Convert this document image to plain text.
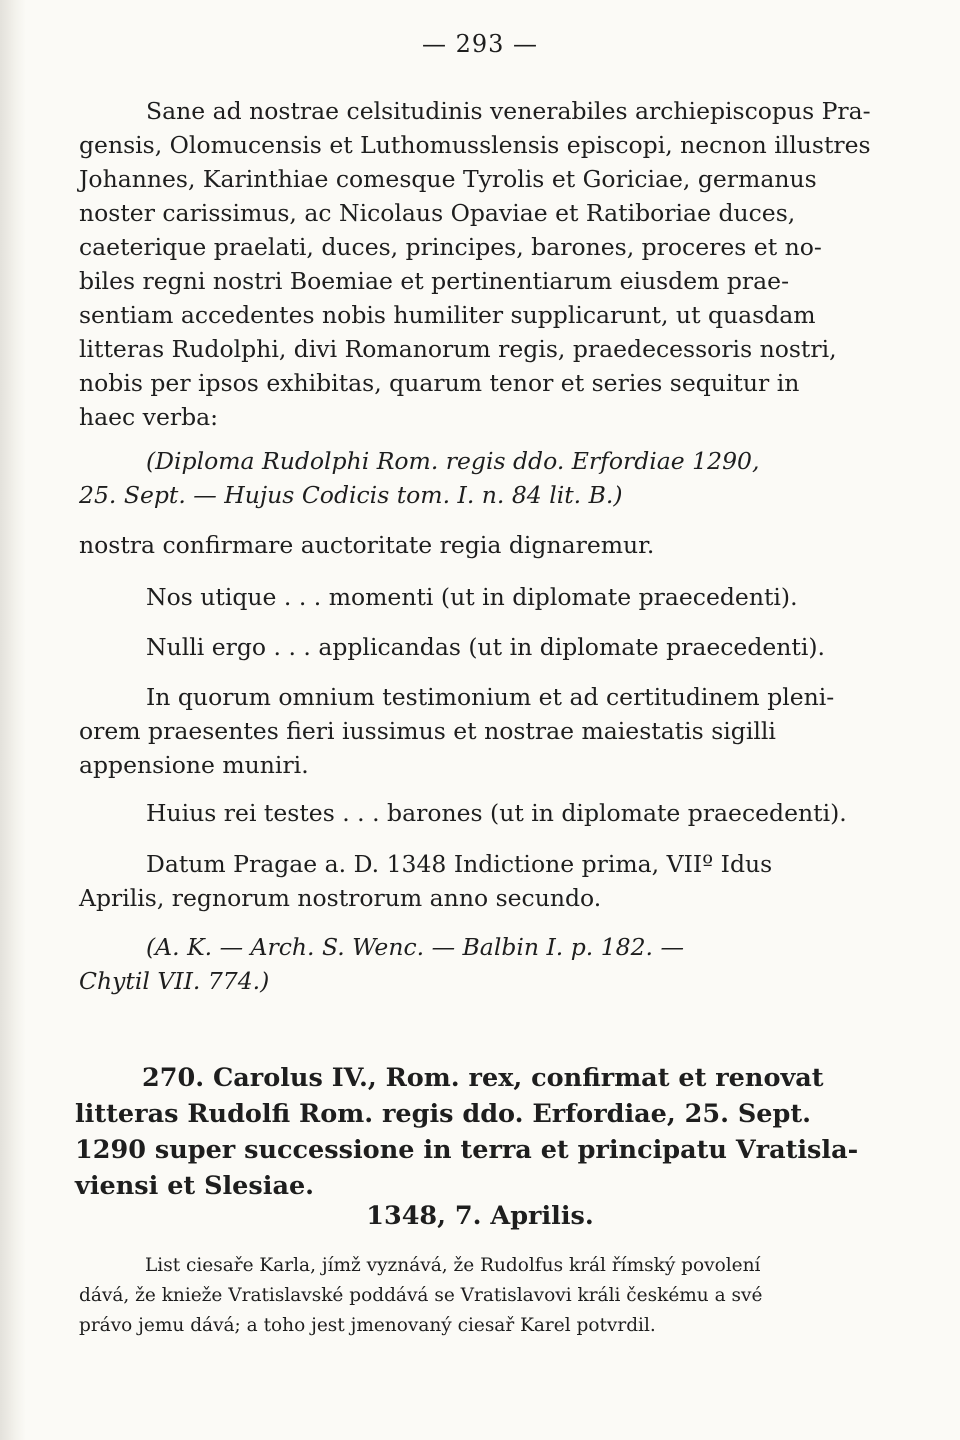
— 293 —

Sane ad nostrae celsitudinis venerabiles archiepiscopus Pra-
gensis, Olomucensis et Luthomusslensis episcopi, necnon illustres
Johannes, Karinthiae comesque Tyrolis et Goriciae, germanus
noster carissimus, ac Nicolaus Opaviae et Ratiboriae duces,
caeterique praelati, duces, principes, barones, proceres et no-
biles regni nostri Boemiae et pertinentiarum eiusdem prae-
sentiam accedentes nobis humiliter supplicarunt, ut quasdam
litteras Rudolphi, divi Romanorum regis, praedecessoris nostri,
nobis per ipsos exhibitas, quarum tenor et series sequitur in
haec verba:

(Diploma Rudolphi Rom. regis ddo. Erfordiae 1290,
25. Sept. — Hujus Codicis tom. I. n. 84 lit. B.)

nostra confirmare auctoritate regia dignaremur.

Nos utique . . . momenti (ut in diplomate praecedenti).

Nulli ergo . . . applicandas (ut in diplomate praecedenti).

In quorum omnium testimonium et ad certitudinem pleni-
orem praesentes fieri iussimus et nostrae maiestatis sigilli
appensione muniri.

Huius rei testes . . . barones (ut in diplomate praecedenti).

Datum Pragae a. D. 1348 Indictione prima, VIIº Idus
Aprilis, regnorum nostrorum anno secundo.

(A. K. — Arch. S. Wenc. — Balbin I. p. 182. —
Chytil VII. 774.)

270. Carolus IV., Rom. rex, confirmat et renovat
litteras Rudolfi Rom. regis ddo. Erfordiae, 25. Sept.
1290 super successione in terra et principatu Vratisla-
viensi et Slesiae.

1348, 7. Aprilis.

List ciesaře Karla, jímž vyznává, že Rudolfus král římský povolení
dává, že knieže Vratislavské poddává se Vratislavovi králi českému a své
právo jemu dává; a toho jest jmenovaný ciesař Karel potvrdil.
